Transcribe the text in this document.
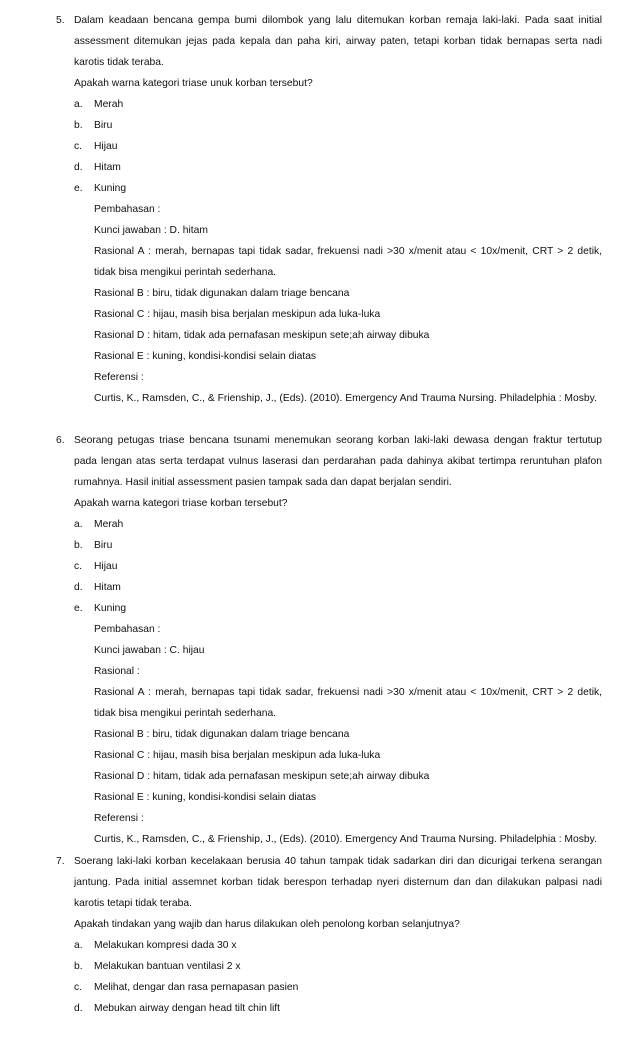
5. Dalam keadaan bencana gempa bumi dilombok yang lalu ditemukan korban remaja laki-laki. Pada saat initial assessment ditemukan jejas pada kepala dan paha kiri, airway paten, tetapi korban tidak bernapas serta nadi karotis tidak teraba.
Apakah warna kategori triase unuk korban tersebut?
a. Merah
b. Biru
c. Hijau
d. Hitam
e. Kuning
Pembahasan :
Kunci jawaban : D. hitam
Rasional A : merah, bernapas tapi tidak sadar, frekuensi nadi >30 x/menit atau < 10x/menit, CRT > 2 detik, tidak bisa mengikui perintah sederhana.
Rasional B : biru, tidak digunakan dalam triage bencana
Rasional C : hijau, masih bisa berjalan meskipun ada luka-luka
Rasional D : hitam, tidak ada pernafasan meskipun sete;ah airway dibuka
Rasional E : kuning, kondisi-kondisi selain diatas
Referensi :
Curtis, K., Ramsden, C., & Frienship, J., (Eds). (2010). Emergency And Trauma Nursing. Philadelphia : Mosby.
6. Seorang petugas triase bencana tsunami menemukan seorang korban laki-laki dewasa dengan fraktur tertutup pada lengan atas serta terdapat vulnus laserasi dan perdarahan pada dahinya akibat tertimpa reruntuhan plafon rumahnya. Hasil initial assessment pasien tampak sada dan dapat berjalan sendiri.
Apakah warna kategori triase korban tersebut?
a. Merah
b. Biru
c. Hijau
d. Hitam
e. Kuning
Pembahasan :
Kunci jawaban : C. hijau
Rasional :
Rasional A : merah, bernapas tapi tidak sadar, frekuensi nadi >30 x/menit atau < 10x/menit, CRT > 2 detik, tidak bisa mengikui perintah sederhana.
Rasional B : biru, tidak digunakan dalam triage bencana
Rasional C : hijau, masih bisa berjalan meskipun ada luka-luka
Rasional D : hitam, tidak ada pernafasan meskipun sete;ah airway dibuka
Rasional E : kuning, kondisi-kondisi selain diatas
Referensi :
Curtis, K., Ramsden, C., & Frienship, J., (Eds). (2010). Emergency And Trauma Nursing. Philadelphia : Mosby.
7. Soerang laki-laki korban kecelakaan berusia 40 tahun tampak tidak sadarkan diri dan dicurigai terkena serangan jantung. Pada initial assemnet korban tidak berespon terhadap nyeri disternum dan dan dilakukan palpasi nadi karotis tetapi tidak teraba.
Apakah tindakan yang wajib dan harus dilakukan oleh penolong korban selanjutnya?
a. Melakukan kompresi dada 30 x
b. Melakukan bantuan ventilasi 2 x
c. Melihat, dengar dan rasa pernapasan pasien
d. Mebukan airway dengan head tilt chin lift
